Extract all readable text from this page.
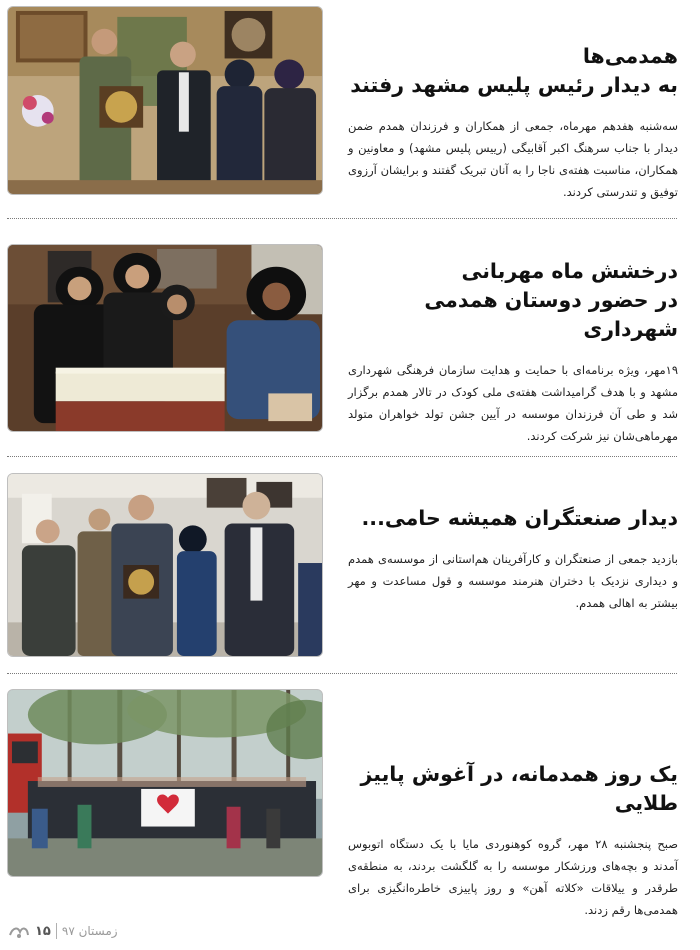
همدمی‌ها
به دیدار رئیس پلیس مشهد رفتند

سه‌شنبه هفدهم مهرماه، جمعی از همکاران و فرزندان همدم ضمن دیدار با جناب سرهنگ اکبر آقابیگی (رییس پلیس مشهد) و معاونین و همکاران، مناسبت هفته‌ی ناجا را به آنان تبریک گفتند و برایشان آرزوی توفیق و تندرستی کردند.

درخشش ماه مهربانی
در حضور دوستان همدمی شهرداری

۱۹مهر، ویژه برنامه‌ای با حمایت و هدایت سازمان فرهنگی شهرداری مشهد و با هدف گرامیداشت هفته‌ی ملی کودک در تالار همدم برگزار شد و طی آن فرزندان موسسه در آیین جشن تولد خواهران متولد مهرماهی‌شان نیز شرکت کردند.

دیدار صنعتگران همیشه حامی...

بازدید جمعی از صنعتگران و کارآفرینان هم‌استانی از موسسه‌ی همدم و دیداری نزدیک با دختران هنرمند موسسه و قول مساعدت و مهر بیشتر به اهالی همدم.

یک روز همدمانه، در آغوش پاییز طلایی

صبح پنجشنبه ۲۸ مهر، گروه کوهنوردی مایا با یک دستگاه اتوبوس آمدند و بچه‌های ورزشکار موسسه را به گلگشت بردند، به منطقه‌ی طرقدر و ییلاقات «کلاته آهن» و روز پاییزی خاطره‌انگیزی برای همدمی‌ها رقم زدند.

۱۵ زمستان ۹۷
